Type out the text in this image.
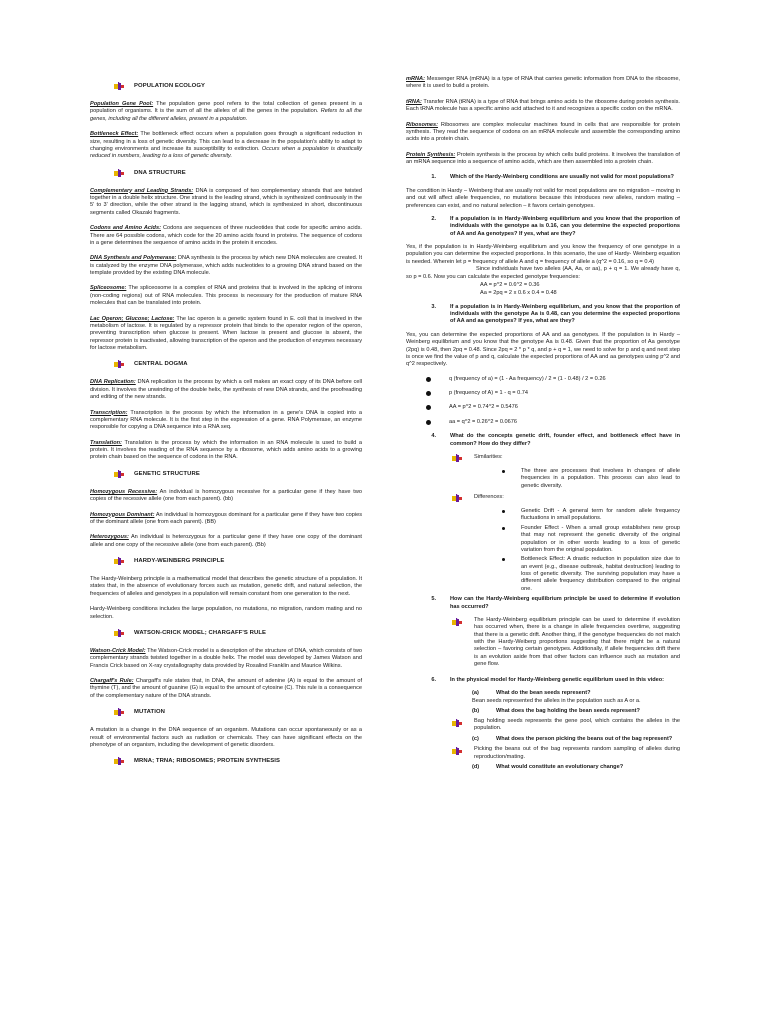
POPULATION ECOLOGY

Population Gene Pool: The population gene pool refers to the total collection of genes present in a population of organisms. It is the sum of all the alleles of all the genes in the population. Refers to all the genes, including all the different alleles, present in a population.

Bottleneck Effect: The bottleneck effect occurs when a population goes through a significant reduction in size, resulting in a loss of genetic diversity. This can lead to a decrease in the population's ability to adapt to changing environments and increase its susceptibility to extinction. Occurs when a population is drastically reduced in numbers, leading to a loss of genetic diversity.

DNA STRUCTURE

Complementary and Leading Strands: DNA is composed of two complementary strands that are twisted together in a double helix structure. One strand is the leading strand, which is synthesized continuously in the 5' to 3' direction, while the other strand is the lagging strand, which is synthesized in short, discontinuous segments called Okazaki fragments.

Codons and Amino Acids: Codons are sequences of three nucleotides that code for specific amino acids. There are 64 possible codons, which code for the 20 amino acids found in proteins. The sequence of codons in a gene determines the sequence of amino acids in the protein it encodes.

DNA Synthesis and Polymerase: DNA synthesis is the process by which new DNA molecules are created. It is catalyzed by the enzyme DNA polymerase, which adds nucleotides to a growing DNA strand based on the template provided by the existing DNA molecule.

Spliceosome: The spliceosome is a complex of RNA and proteins that is involved in the splicing of introns (non-coding regions) out of RNA molecules. This process is necessary for the production of mature RNA molecules that can be translated into protein.

Lac Operon; Glucose; Lactose: The lac operon is a genetic system found in E. coli that is involved in the metabolism of lactose. It is regulated by a repressor protein that binds to the operator region of the operon, preventing transcription when glucose is present. When lactose is present and glucose is absent, the repressor protein is inactivated, allowing transcription of the operon and the production of enzymes necessary for lactose metabolism.

CENTRAL DOGMA

DNA Replication: DNA replication is the process by which a cell makes an exact copy of its DNA before cell division. It involves the unwinding of the double helix, the synthesis of new DNA strands, and the proofreading and editing of the new strands.

Transcription: Transcription is the process by which the information in a gene's DNA is copied into a complementary RNA molecule. It is the first step in the expression of a gene. RNA Polymerase, an enzyme responsible for copying a DNA sequence into a RNA seq.

Translation: Translation is the process by which the information in an RNA molecule is used to build a protein. It involves the reading of the RNA sequence by a ribosome, which adds amino acids to a growing protein chain based on the sequence of codons in the RNA.

GENETIC STRUCTURE

Homozygous Recessive: An individual is homozygous recessive for a particular gene if they have two copies of the recessive allele (one from each parent). (bb)

Homozygous Dominant: An individual is homozygous dominant for a particular gene if they have two copies of the dominant allele (one from each parent). (BB)

Heterozygous: An individual is heterozygous for a particular gene if they have one copy of the dominant allele and one copy of the recessive allele (one from each parent). (Bb)

HARDY-WEINBERG PRINCIPLE

The Hardy-Weinberg principle is a mathematical model that describes the genetic structure of a population. It states that, in the absence of evolutionary forces such as mutation, genetic drift, and natural selection, the frequencies of alleles and genotypes in a population will remain constant from one generation to the next.

Hardy-Weinberg conditions includes the large population, no mutations, no migration, random mating and no selection.

WATSON-CRICK MODEL; CHARGAFF'S RULE

Watson-Crick Model: The Watson-Crick model is a description of the structure of DNA, which consists of two complementary strands twisted together in a double helix. The model was developed by James Watson and Francis Crick based on X-ray crystallography data provided by Rosalind Franklin and Maurice Wilkins.

Chargaff's Rule: Chargaff's rule states that, in DNA, the amount of adenine (A) is equal to the amount of thymine (T), and the amount of guanine (G) is equal to the amount of cytosine (C). This rule is a consequence of the complementary nature of the DNA strands.

MUTATION

A mutation is a change in the DNA sequence of an organism. Mutations can occur spontaneously or as a result of environmental factors such as radiation or chemicals. They can have significant effects on the phenotype of an organism, including the development of genetic disorders.

MRNA; TRNA; RIBOSOMES; PROTEIN SYNTHESIS

mRNA: Messenger RNA (mRNA) is a type of RNA that carries genetic information from DNA to the ribosome, where it is used to build a protein.

tRNA: Transfer RNA (tRNA) is a type of RNA that brings amino acids to the ribosome during protein synthesis. Each tRNA molecule has a specific amino acid attached to it and recognizes a specific codon on the mRNA.

Ribosomes: Ribosomes are complex molecular machines found in cells that are responsible for protein synthesis. They read the sequence of codons on an mRNA molecule and assemble the corresponding amino acids into a protein chain.

Protein Synthesis: Protein synthesis is the process by which cells build proteins. It involves the translation of an mRNA sequence into a sequence of amino acids, which are then assembled into a protein chain.

1.	Which of the Hardy-Weinberg conditions are usually not valid for most populations?
The condition in Hardy – Weinberg that are usually not valid for most populations are no migration – moving in and out will affect allele frequencies, no mutations because this introduces new alleles, random mating – preferences can exist, and no natural selection – it favors certain genotypes.
2.	If a population is in Hardy-Weinberg equilibrium and you know that the proportion of individuals with the genotype aa is 0.16, can you determine the expected proportions of AA and Aa genotypes? If yes, what are they?
Yes, if the population is in Hardy-Weinberg equilibrium and you know the frequency of one genotype in a population you can determine the expected proportions. In this scenario, the use of Hardy- Weinberg equation is needed. Wherein let p = frequency of allele A and q = frequency of allele a (q^2 = 0.16, so q = 0.4)
Since individuals have two alleles (AA, Aa, or aa), p + q = 1. We already have q, so p = 0.6. Now you can calculate the expected genotype frequencies:
AA = p^2 = 0.6^2 = 0.36
Aa = 2pq = 2 x 0.6 x 0.4 = 0.48
3.	If a population is in Hardy-Weinberg equilibrium, and you know that the proportion of individuals with the genotype Aa is 0.48, can you determine the expected proportions of AA and aa genotypes? If yes, what are they?
Yes, you can determine the expected proportions of AA and aa genotypes. If the population is in Hardy – Weinberg equilibrium and you know that the genotype Aa is 0.48. Given that the proportion of Aa genotype (2pq) is 0.48, then 2pq = 0.48. Since 2pq = 2 * p * q, and p + q = 1, we need to solve for p and q and next step is once we find the value of p and q, calculate the expected proportions of AA and aa genotypes using p^2 and q^2 respectively.
q (frequency of a) = (1 - Aa frequency) / 2 = (1 - 0.48) / 2 = 0.26
p (frequency of A) = 1 - q = 0.74
AA = p^2 = 0.74^2 = 0.5476
aa = q^2 = 0.26^2 = 0.0676
4.	What do the concepts genetic drift, founder effect, and bottleneck effect have in common? How do they differ?
Similarities:
The three are processes that involves in changes of allele frequencies in a population. This process can also lead to genetic diversity.
Differences:
Genetic Drift - A general term for random allele frequency fluctuations in small populations.
Founder Effect - When a small group establishes new group that may not represent the genetic diversity of the original population or in other words leading to a loss of genetic variation from the original population.
Bottleneck Effect: A drastic reduction in population size due to an event (e.g., disease outbreak, habitat destruction) leading to loss of genetic diversity. The surviving population may have a different allele frequency distribution compared to the original one.
5.	How can the Hardy-Weinberg equilibrium principle be used to determine if evolution has occurred?
The Hardy-Weinberg equilibrium principle can be used to determine if evolution has occurred when, there is a change in allele frequencies overtime, suggesting that there is a genetic drift. Another thing, if the genotype frequencies do not match with the Hardy-Weiberg proportions suggesting that there might be a natural selection – favoring certain genotypes. Additionally, if allele frequencies drift there is an evolution aside from that other factors can influence such as mutation and gene flow.
6.	In the physical model for Hardy-Weinberg genetic equilibrium used in this video:
(a)	What do the bean seeds represent?
Bean seeds represented the alleles in the population such as A or a.
(b)	What does the bag holding the bean seeds represent?
Bag holding seeds represents the gene pool, which contains the alleles in the population.
(c)	What does the person picking the beans out of the bag represent?
Picking the beans out of the bag represents random sampling of alleles during reproduction/mating.
(d)	What would constitute an evolutionary change?
